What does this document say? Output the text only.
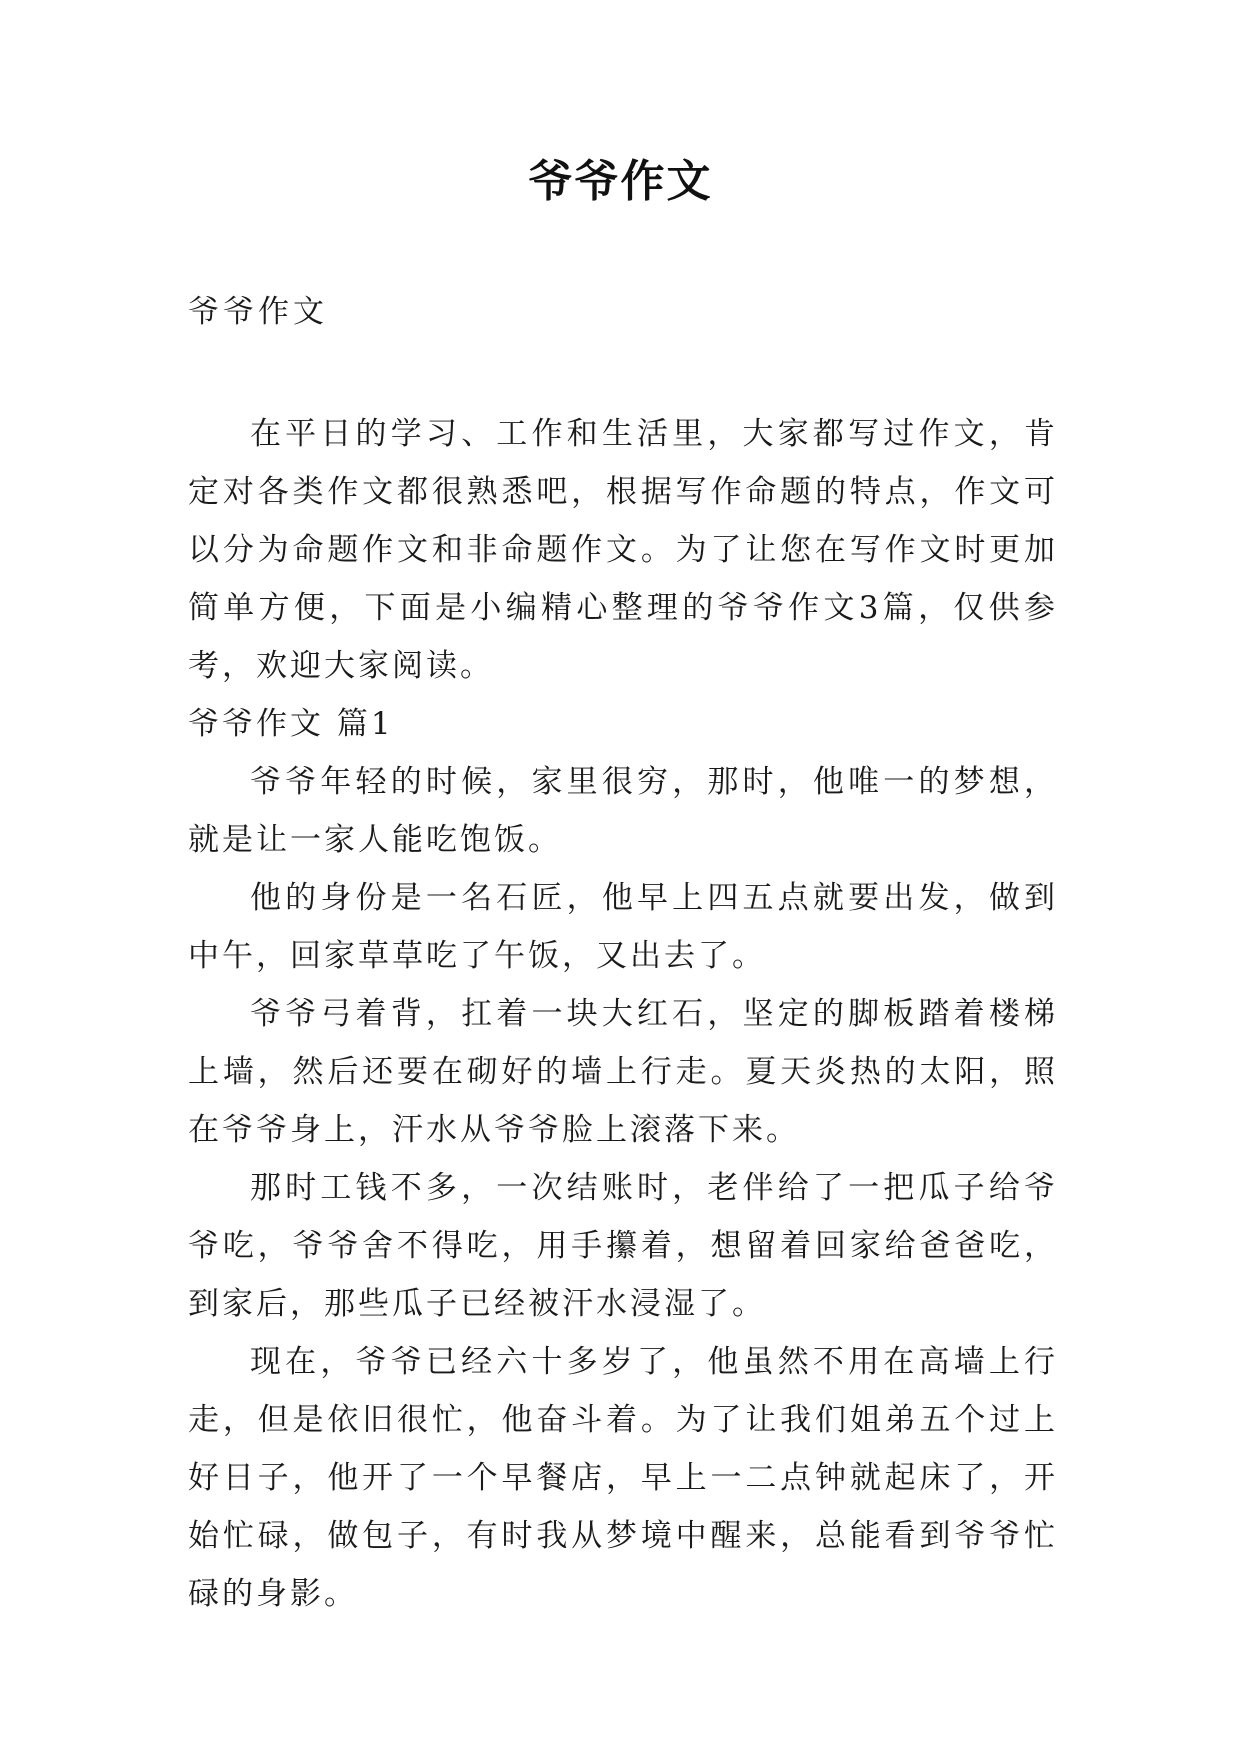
爷爷作文
爷爷作文

在平日的学习、工作和生活里，大家都写过作文，肯定对各类作文都很熟悉吧，根据写作命题的特点，作文可以分为命题作文和非命题作文。为了让您在写作文时更加简单方便，下面是小编精心整理的爷爷作文3篇，仅供参考，欢迎大家阅读。

爷爷作文 篇1

爷爷年轻的时候，家里很穷，那时，他唯一的梦想，就是让一家人能吃饱饭。

他的身份是一名石匠，他早上四五点就要出发，做到中午，回家草草吃了午饭，又出去了。

爷爷弓着背，扛着一块大红石，坚定的脚板踏着楼梯上墙，然后还要在砌好的墙上行走。夏天炎热的太阳，照在爷爷身上，汗水从爷爷脸上滚落下来。

那时工钱不多，一次结账时，老伴给了一把瓜子给爷爷吃，爷爷舍不得吃，用手攥着，想留着回家给爸爸吃，到家后，那些瓜子已经被汗水浸湿了。

现在，爷爷已经六十多岁了，他虽然不用在高墙上行走，但是依旧很忙，他奋斗着。为了让我们姐弟五个过上好日子，他开了一个早餐店，早上一二点钟就起床了，开始忙碌，做包子，有时我从梦境中醒来，总能看到爷爷忙碌的身影。
